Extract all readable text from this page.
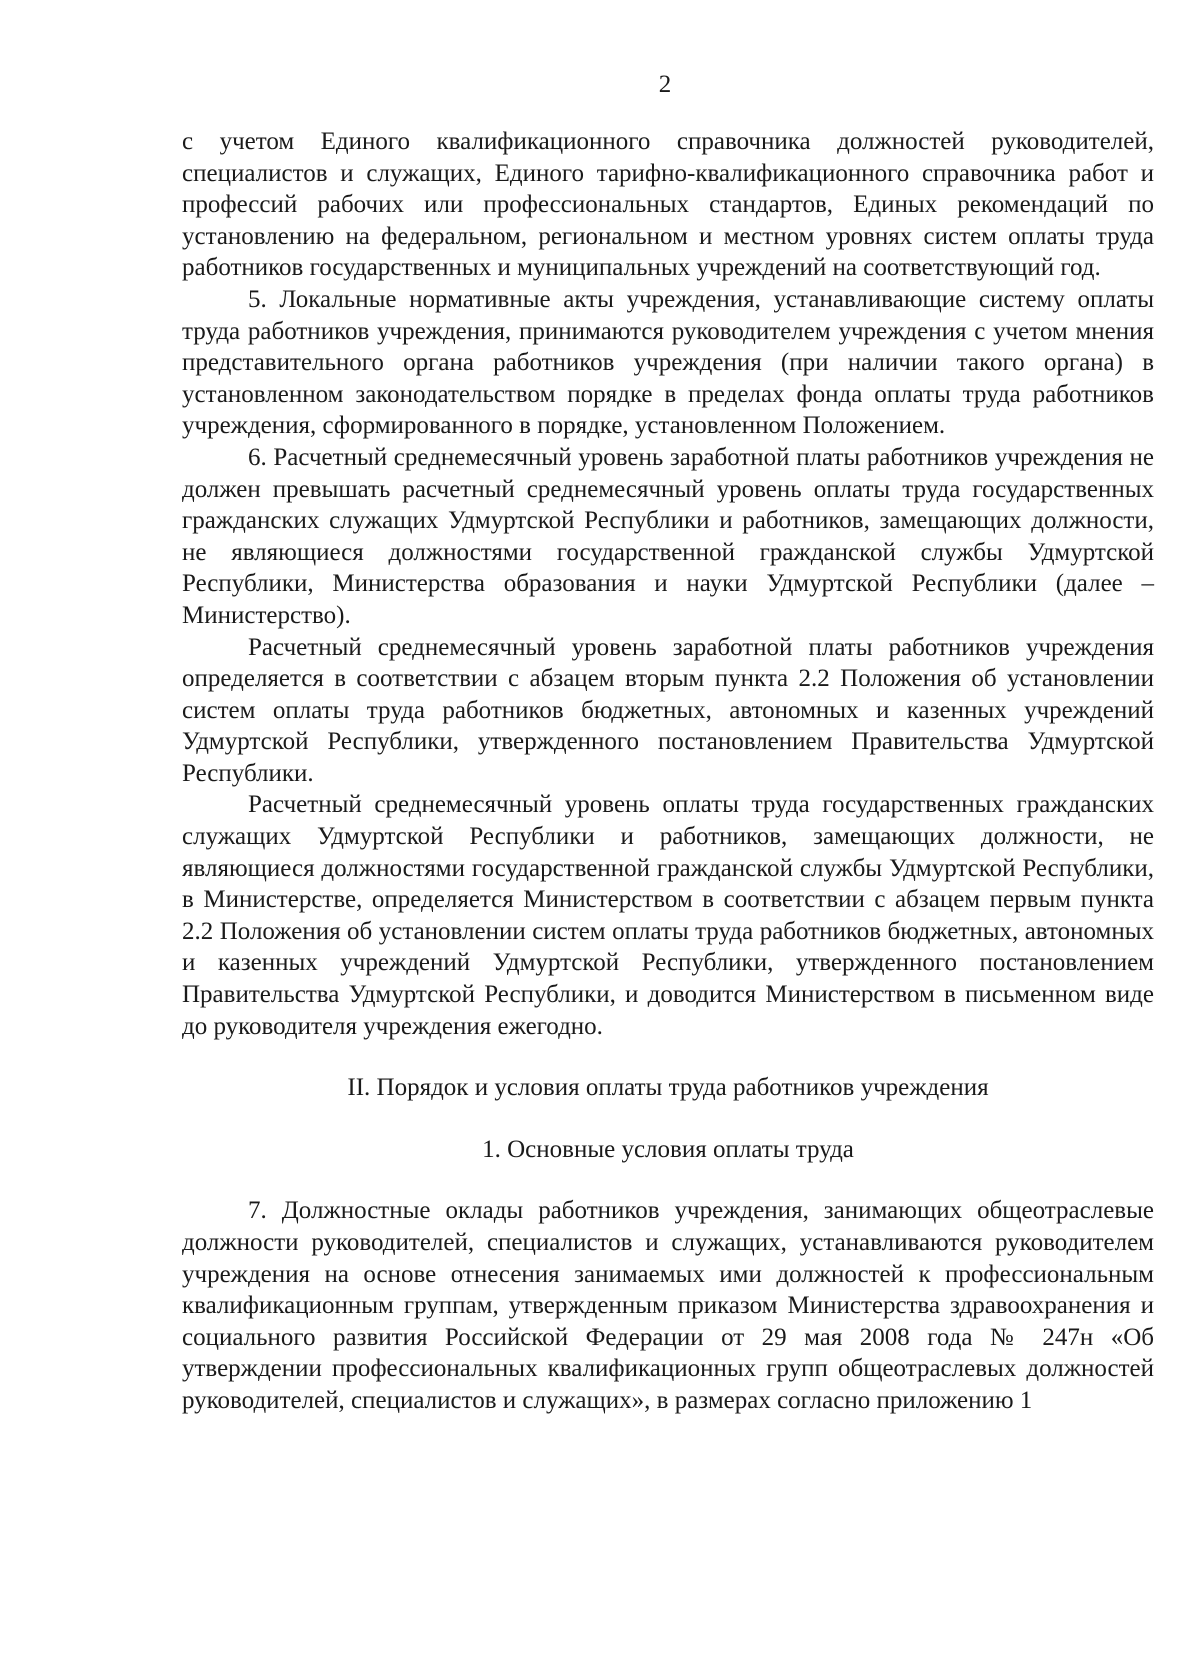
2

с учетом Единого квалификационного справочника должностей руководителей, специалистов и служащих, Единого тарифно-квалификационного справочника работ и профессий рабочих или профессиональных стандартов, Единых рекомендаций по установлению на федеральном, региональном и местном уровнях систем оплаты труда работников государственных и муниципальных учреждений на соответствующий год.

5. Локальные нормативные акты учреждения, устанавливающие систему оплаты труда работников учреждения, принимаются руководителем учреждения с учетом мнения представительного органа работников учреждения (при наличии такого органа) в установленном законодательством порядке в пределах фонда оплаты труда работников учреждения, сформированного в порядке, установленном Положением.

6. Расчетный среднемесячный уровень заработной платы работников учреждения не должен превышать расчетный среднемесячный уровень оплаты труда государственных гражданских служащих Удмуртской Республики и работников, замещающих должности, не являющиеся должностями государственной гражданской службы Удмуртской Республики, Министерства образования и науки Удмуртской Республики (далее – Министерство).

Расчетный среднемесячный уровень заработной платы работников учреждения определяется в соответствии с абзацем вторым пункта 2.2 Положения об установлении систем оплаты труда работников бюджетных, автономных и казенных учреждений Удмуртской Республики, утвержденного постановлением Правительства Удмуртской Республики.

Расчетный среднемесячный уровень оплаты труда государственных гражданских служащих Удмуртской Республики и работников, замещающих должности, не являющиеся должностями государственной гражданской службы Удмуртской Республики, в Министерстве, определяется Министерством в соответствии с абзацем первым пункта 2.2 Положения об установлении систем оплаты труда работников бюджетных, автономных и казенных учреждений Удмуртской Республики, утвержденного постановлением Правительства Удмуртской Республики, и доводится Министерством в письменном виде до руководителя учреждения ежегодно.

II. Порядок и условия оплаты труда работников учреждения

1. Основные условия оплаты труда

7. Должностные оклады работников учреждения, занимающих общеотраслевые должности руководителей, специалистов и служащих, устанавливаются руководителем учреждения на основе отнесения занимаемых ими должностей к профессиональным квалификационным группам, утвержденным приказом Министерства здравоохранения и социального развития Российской Федерации от 29 мая 2008 года № 247н «Об утверждении профессиональных квалификационных групп общеотраслевых должностей руководителей, специалистов и служащих», в размерах согласно приложению 1
